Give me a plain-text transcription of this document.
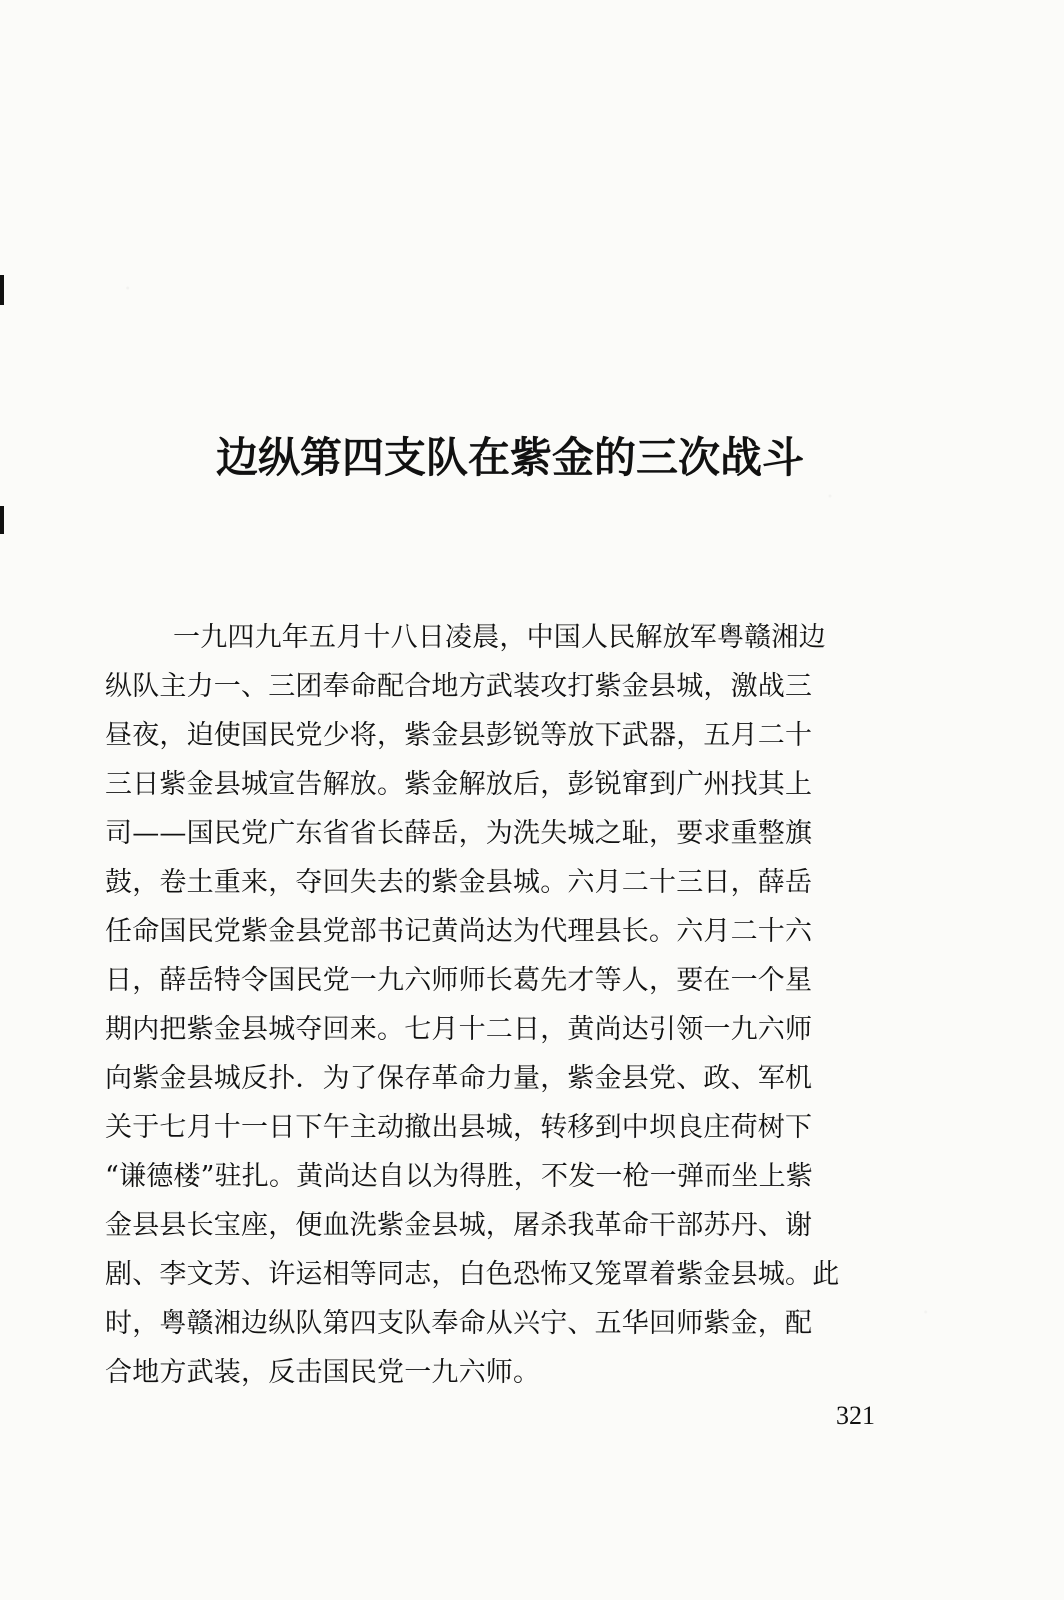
边纵第四支队在紫金的三次战斗
一九四九年五月十八日凌晨，中国人民解放军粤赣湘边
纵队主力一、三团奉命配合地方武装攻打紫金县城，激战三
昼夜，迫使国民党少将，紫金县彭锐等放下武器，五月二十
三日紫金县城宣告解放。紫金解放后，彭锐窜到广州找其上
司——国民党广东省省长薛岳，为洗失城之耻，要求重整旗
鼓，卷土重来，夺回失去的紫金县城。六月二十三日，薛岳
任命国民党紫金县党部书记黄尚达为代理县长。六月二十六
日，薛岳特令国民党一九六师师长葛先才等人，要在一个星
期内把紫金县城夺回来。七月十二日，黄尚达引领一九六师
向紫金县城反扑．为了保存革命力量，紫金县党、政、军机
关于七月十一日下午主动撤出县城，转移到中坝良庄荷树下
“谦德楼”驻扎。黄尚达自以为得胜，不发一枪一弹而坐上紫
金县县长宝座，便血洗紫金县城，屠杀我革命干部苏丹、谢
剧、李文芳、许运相等同志，白色恐怖又笼罩着紫金县城。此
时，粤赣湘边纵队第四支队奉命从兴宁、五华回师紫金，配
合地方武装，反击国民党一九六师。
321
